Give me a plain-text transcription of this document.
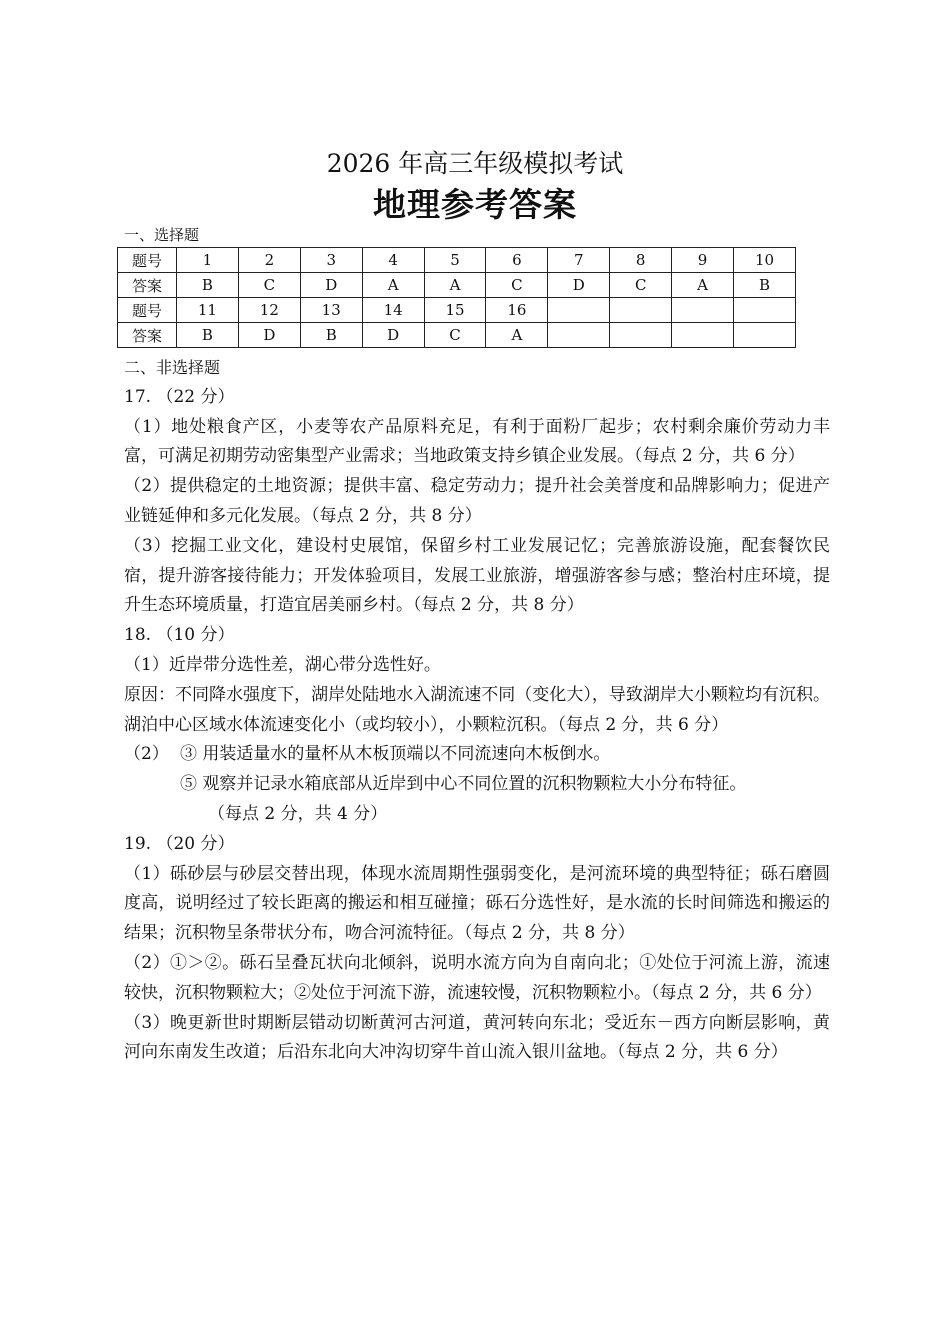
2026 年高三年级模拟考试
地理参考答案
一、选择题
题号	1	2	3	4	5	6	7	8	9	10
答案	B	C	D	A	A	C	D	C	A	B
题号	11	12	13	14	15	16				
答案	B	D	B	D	C	A				

二、非选择题

17. （22 分）

（1）地处粮食产区，小麦等农产品原料充足，有利于面粉厂起步；农村剩余廉价劳动力丰富，可满足初期劳动密集型产业需求；当地政策支持乡镇企业发展。（每点 2 分，共 6 分）

（2）提供稳定的土地资源；提供丰富、稳定劳动力；提升社会美誉度和品牌影响力；促进产业链延伸和多元化发展。（每点 2 分，共 8 分）

（3）挖掘工业文化，建设村史展馆，保留乡村工业发展记忆；完善旅游设施，配套餐饮民宿，提升游客接待能力；开发体验项目，发展工业旅游，增强游客参与感；整治村庄环境，提升生态环境质量，打造宜居美丽乡村。（每点 2 分，共 8 分）

18. （10 分）

（1）近岸带分选性差，湖心带分选性好。

原因：不同降水强度下，湖岸处陆地水入湖流速不同（变化大），导致湖岸大小颗粒均有沉积。湖泊中心区域水体流速变化小（或均较小），小颗粒沉积。（每点 2 分，共 6 分）

（2） ③ 用装适量水的量杯从木板顶端以不同流速向木板倒水。

⑤ 观察并记录水箱底部从近岸到中心不同位置的沉积物颗粒大小分布特征。

（每点 2 分，共 4 分）

19. （20 分）

（1）砾砂层与砂层交替出现，体现水流周期性强弱变化，是河流环境的典型特征；砾石磨圆度高，说明经过了较长距离的搬运和相互碰撞；砾石分选性好，是水流的长时间筛选和搬运的结果；沉积物呈条带状分布，吻合河流特征。（每点 2 分，共 8 分）

（2）①＞②。砾石呈叠瓦状向北倾斜，说明水流方向为自南向北；①处位于河流上游，流速较快，沉积物颗粒大；②处位于河流下游，流速较慢，沉积物颗粒小。（每点 2 分，共 6 分）

（3）晚更新世时期断层错动切断黄河古河道，黄河转向东北；受近东－西方向断层影响，黄河向东南发生改道；后沿东北向大冲沟切穿牛首山流入银川盆地。（每点 2 分，共 6 分）
